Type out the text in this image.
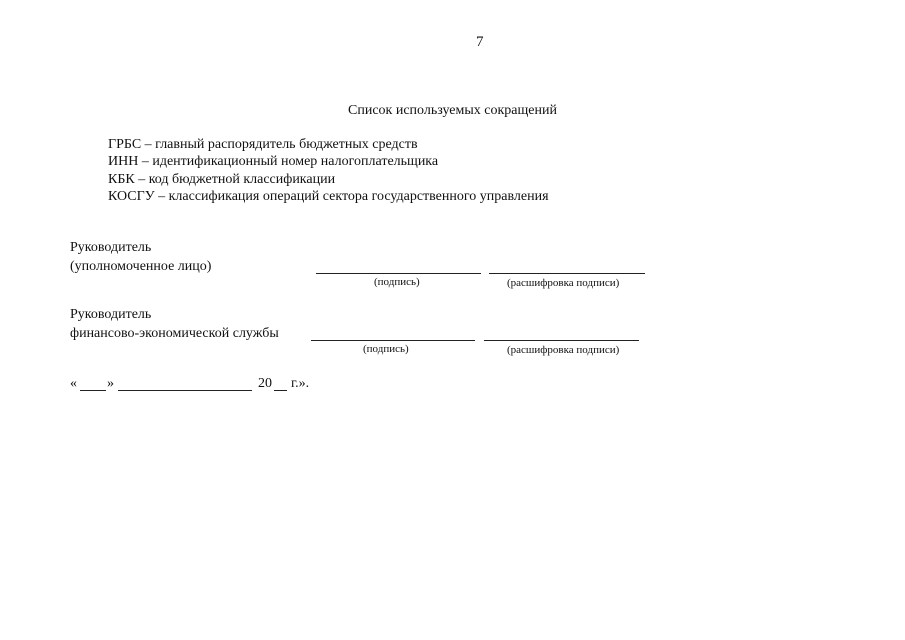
7
Список используемых сокращений
ГРБС – главный распорядитель бюджетных средств
ИНН – идентификационный номер налогоплательщика
КБК – код бюджетной классификации
КОСГУ – классификация операций сектора государственного управления
Руководитель
(уполномоченное лицо)
(подпись)	(расшифровка подписи)
Руководитель
финансово-экономической службы
(подпись)	(расшифровка подписи)
« »	20 г.».
